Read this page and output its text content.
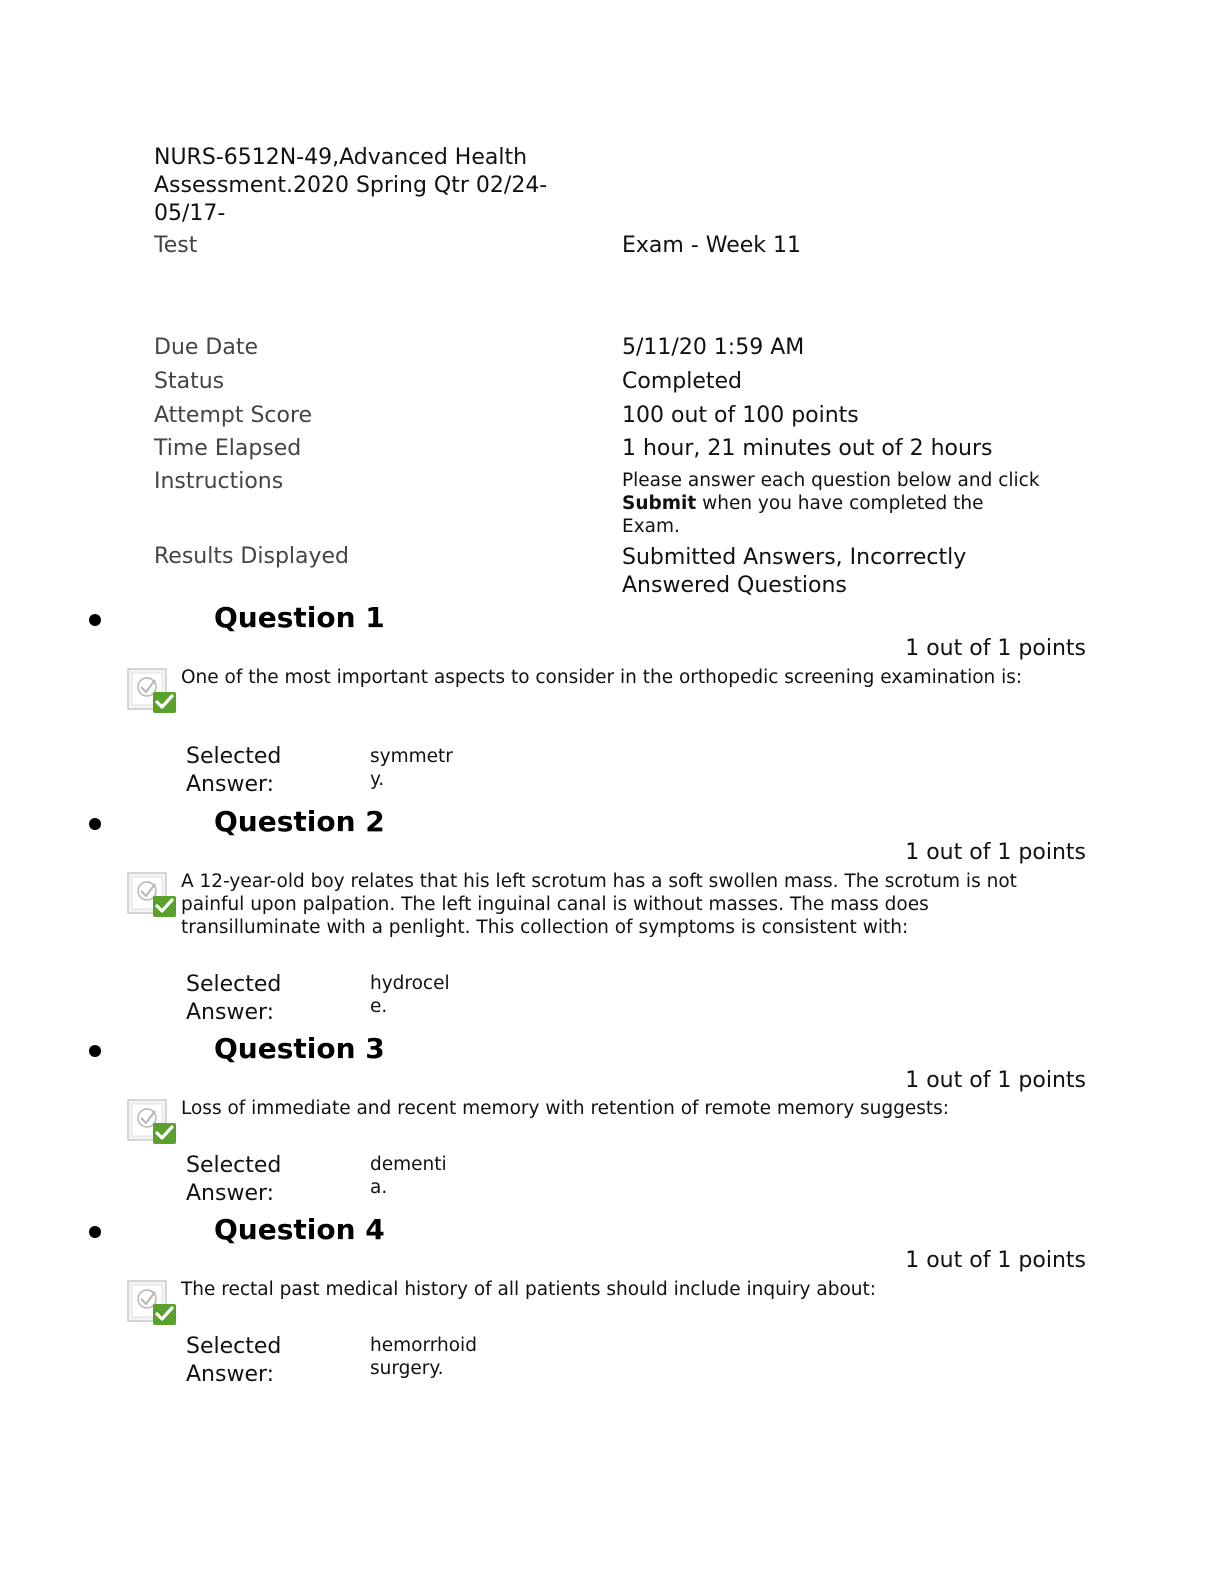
NURS-6512N-49,Advanced Health Assessment.2020 Spring Qtr 02/24-05/17-
Test	Exam - Week 11
Due Date	5/11/20 1:59 AM
Status	Completed
Attempt Score	100 out of 100 points
Time Elapsed	1 hour, 21 minutes out of 2 hours
Instructions	Please answer each question below and click Submit when you have completed the Exam.
Results Displayed	Submitted Answers, Incorrectly Answered Questions
Question 1
1 out of 1 points
One of the most important aspects to consider in the orthopedic screening examination is:
Selected Answer:
symmetry.
Question 2
1 out of 1 points
A 12-year-old boy relates that his left scrotum has a soft swollen mass. The scrotum is not painful upon palpation. The left inguinal canal is without masses. The mass does transilluminate with a penlight. This collection of symptoms is consistent with:
Selected Answer:
hydrocele.
Question 3
1 out of 1 points
Loss of immediate and recent memory with retention of remote memory suggests:
Selected Answer:
dementia.
Question 4
1 out of 1 points
The rectal past medical history of all patients should include inquiry about:
Selected Answer:
hemorrhoid surgery.
